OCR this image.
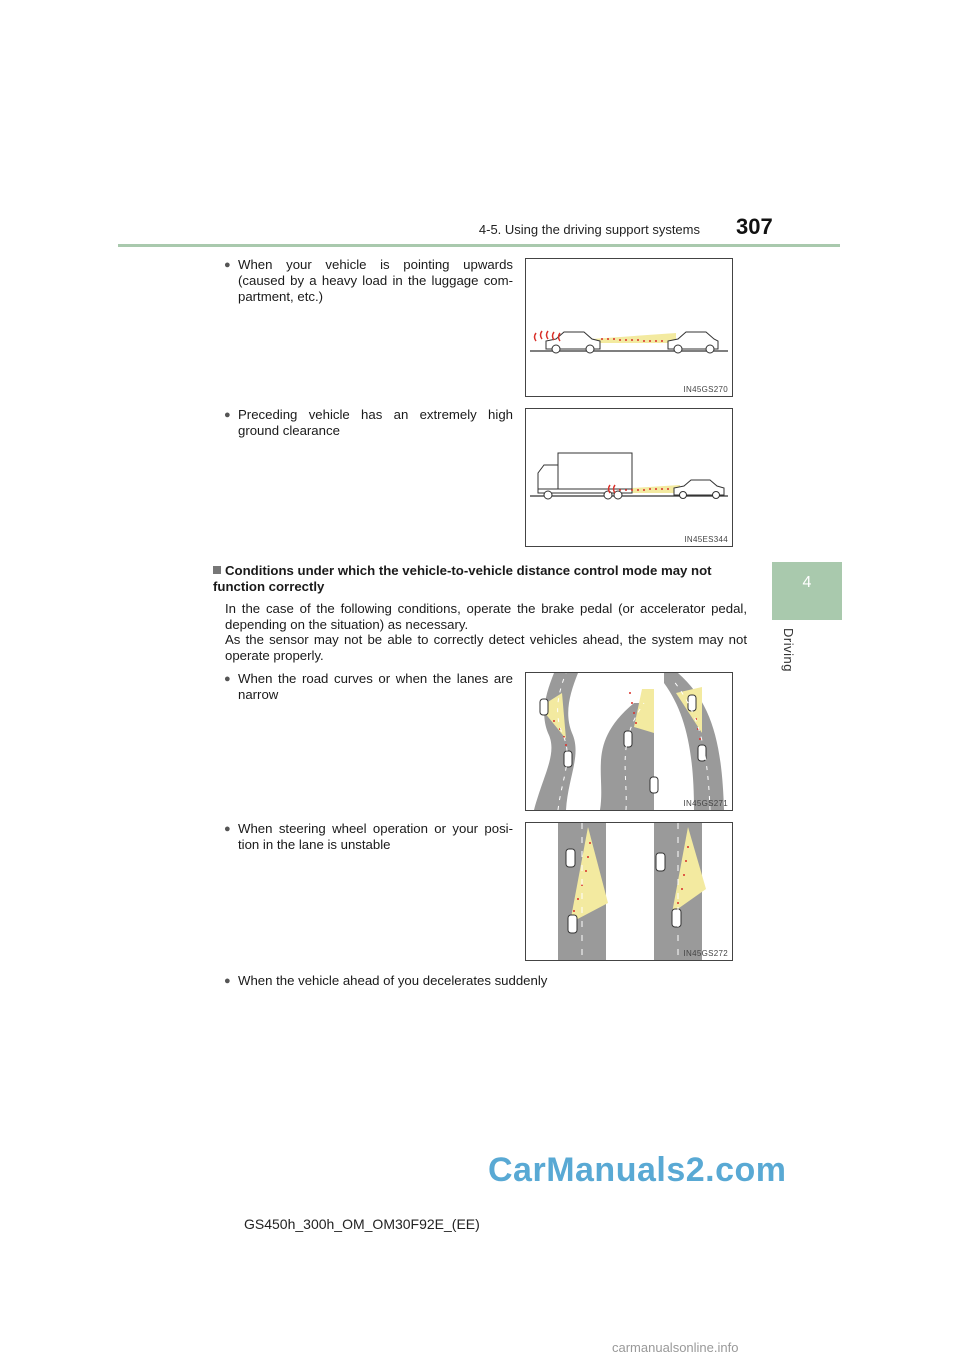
4-5. Using the driving support systems 307
4
Driving
● When your vehicle is pointing upwards (caused by a heavy load in the luggage com-partment, etc.)
IN45GS270
● Preceding vehicle has an extremely high ground clearance
IN45ES344
Conditions under which the vehicle-to-vehicle distance control mode may not function correctly
In the case of the following conditions, operate the brake pedal (or accelerator pedal, depending on the situation) as necessary.
As the sensor may not be able to correctly detect vehicles ahead, the system may not operate properly.
● When the road curves or when the lanes are narrow
IN45GS271
● When steering wheel operation or your posi-tion in the lane is unstable
IN45GS272
● When the vehicle ahead of you decelerates suddenly
CarManuals2.com
GS450h_300h_OM_OM30F92E_(EE)
carmanualsonline.info
